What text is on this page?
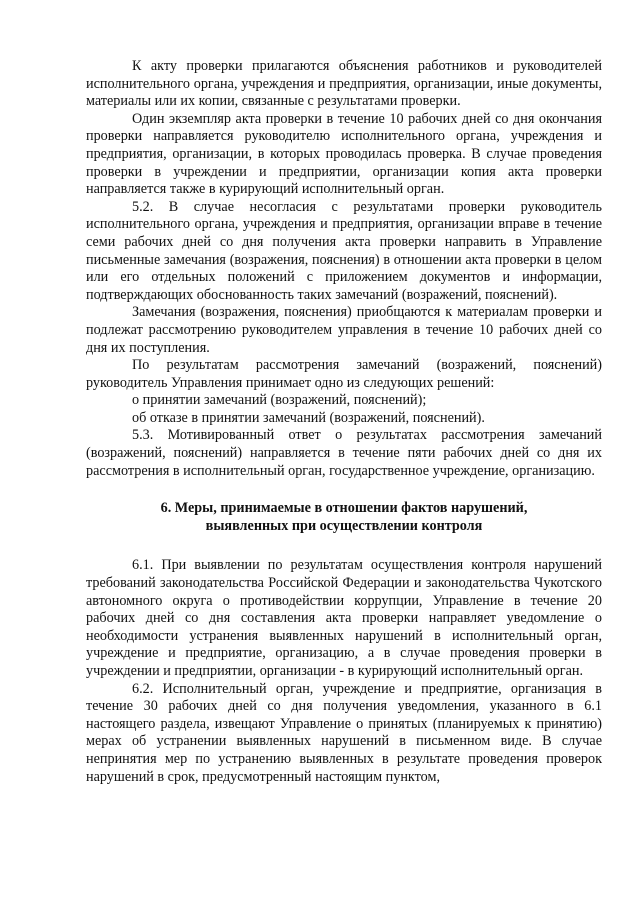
К акту проверки прилагаются объяснения работников и руководителей исполнительного органа, учреждения и предприятия, организации, иные документы, материалы или их копии, связанные с результатами проверки.

Один экземпляр акта проверки в течение 10 рабочих дней со дня окончания проверки направляется руководителю исполнительного органа, учреждения и предприятия, организации, в которых проводилась проверка. В случае проведения проверки в учреждении и предприятии, организации копия акта проверки направляется также в курирующий исполнительный орган.

5.2. В случае несогласия с результатами проверки руководитель исполнительного органа, учреждения и предприятия, организации вправе в течение семи рабочих дней со дня получения акта проверки направить в Управление письменные замечания (возражения, пояснения) в отношении акта проверки в целом или его отдельных положений с приложением документов и информации, подтверждающих обоснованность таких замечаний (возражений, пояснений).

Замечания (возражения, пояснения) приобщаются к материалам проверки и подлежат рассмотрению руководителем управления в течение 10 рабочих дней со дня их поступления.

По результатам рассмотрения замечаний (возражений, пояснений) руководитель Управления принимает одно из следующих решений:

о принятии замечаний (возражений, пояснений);

об отказе в принятии замечаний (возражений, пояснений).

5.3. Мотивированный ответ о результатах рассмотрения замечаний (возражений, пояснений) направляется в течение пяти рабочих дней со дня их рассмотрения в исполнительный орган, государственное учреждение, организацию.

6. Меры, принимаемые в отношении фактов нарушений,
выявленных при осуществлении контроля

6.1. При выявлении по результатам осуществления контроля нарушений требований законодательства Российской Федерации и законодательства Чукотского автономного округа о противодействии коррупции, Управление в течение 20 рабочих дней со дня составления акта проверки направляет уведомление о необходимости устранения выявленных нарушений в исполнительный орган, учреждение и предприятие, организацию, а в случае проведения проверки в учреждении и предприятии, организации - в курирующий исполнительный орган.

6.2. Исполнительный орган, учреждение и предприятие, организация в течение 30 рабочих дней со дня получения уведомления, указанного в 6.1 настоящего раздела, извещают Управление о принятых (планируемых к принятию) мерах об устранении выявленных нарушений в письменном виде. В случае непринятия мер по устранению выявленных в результате проведения проверок нарушений в срок, предусмотренный настоящим пунктом,
